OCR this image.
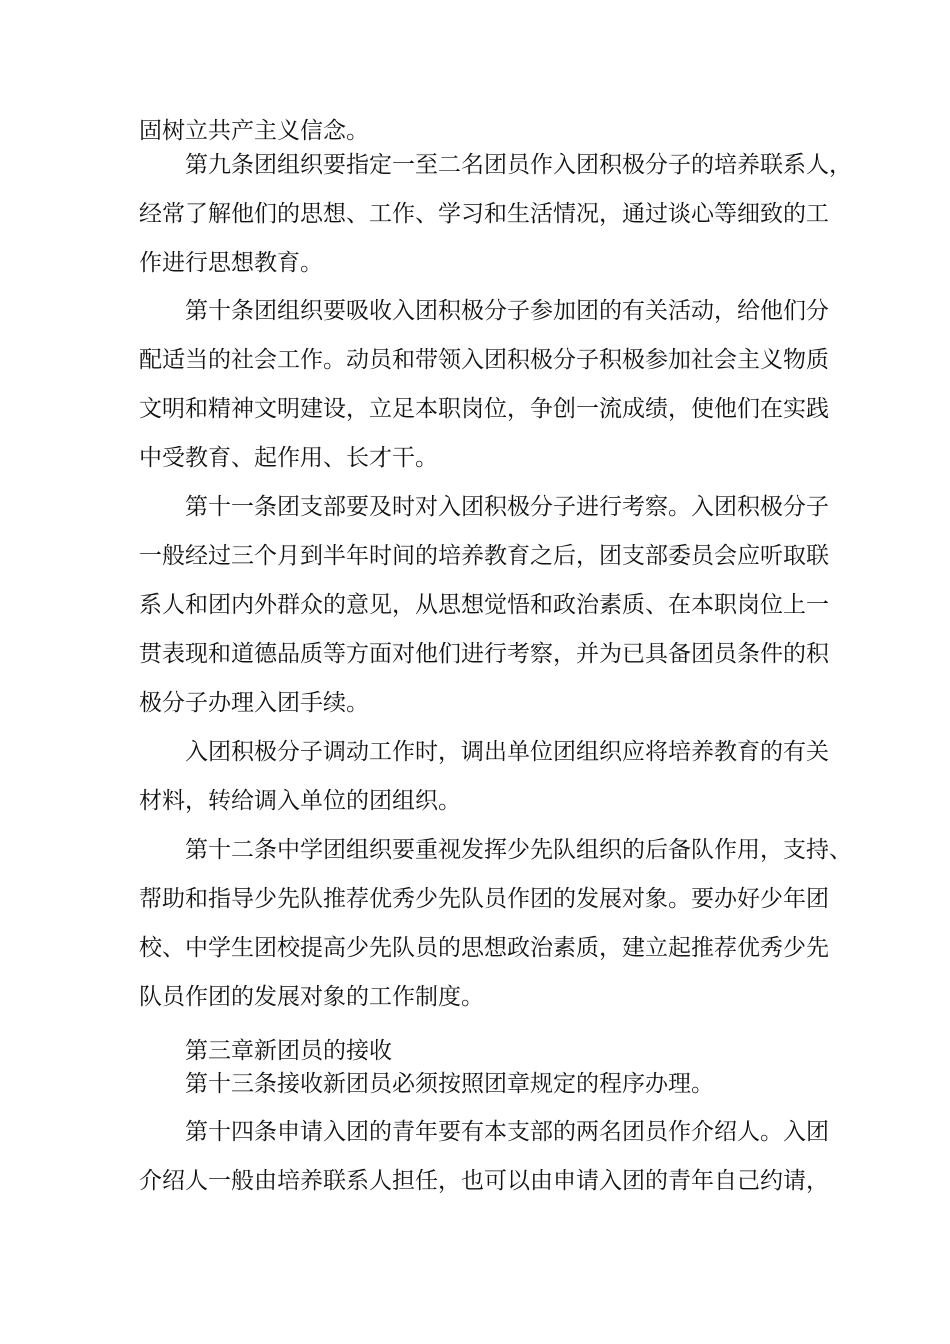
固树立共产主义信念。
第九条团组织要指定一至二名团员作入团积极分子的培养联系人，
经常了解他们的思想、工作、学习和生活情况，通过谈心等细致的工
作进行思想教育。
第十条团组织要吸收入团积极分子参加团的有关活动，给他们分
配适当的社会工作。动员和带领入团积极分子积极参加社会主义物质
文明和精神文明建设，立足本职岗位，争创一流成绩，使他们在实践
中受教育、起作用、长才干。
第十一条团支部要及时对入团积极分子进行考察。入团积极分子
一般经过三个月到半年时间的培养教育之后，团支部委员会应听取联
系人和团内外群众的意见，从思想觉悟和政治素质、在本职岗位上一
贯表现和道德品质等方面对他们进行考察，并为已具备团员条件的积
极分子办理入团手续。
入团积极分子调动工作时，调出单位团组织应将培养教育的有关
材料，转给调入单位的团组织。
第十二条中学团组织要重视发挥少先队组织的后备队作用，支持、
帮助和指导少先队推荐优秀少先队员作团的发展对象。要办好少年团
校、中学生团校提高少先队员的思想政治素质，建立起推荐优秀少先
队员作团的发展对象的工作制度。
第三章新团员的接收
第十三条接收新团员必须按照团章规定的程序办理。
第十四条申请入团的青年要有本支部的两名团员作介绍人。入团
介绍人一般由培养联系人担任，也可以由申请入团的青年自己约请，
